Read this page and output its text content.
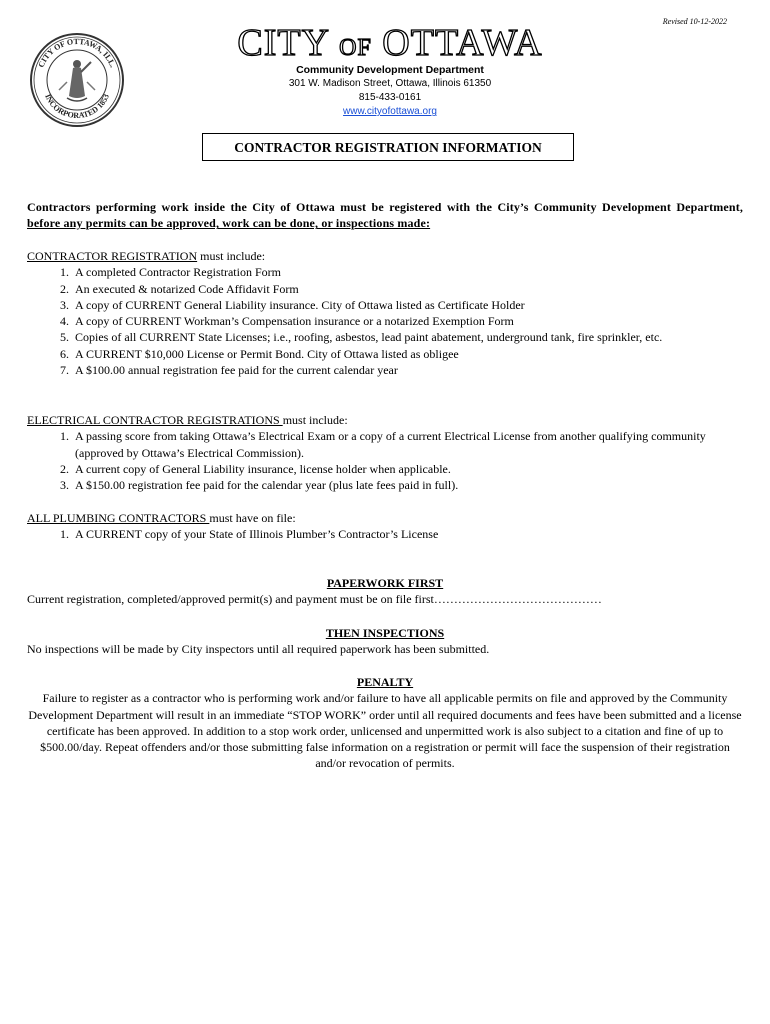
Revised 10-12-2022
CITY OF OTTAWA, ILL.
INCORPORATED 1853
CITY OF OTTAWA
Community Development Department
301 W. Madison Street, Ottawa, Illinois 61350
815-433-0161
www.cityofottawa.org
CONTRACTOR REGISTRATION INFORMATION
Contractors performing work inside the City of Ottawa must be registered with the City’s Community Development Department, before any permits can be approved, work can be done, or inspections made:
CONTRACTOR REGISTRATION must include:
1. A completed Contractor Registration Form
2. An executed & notarized Code Affidavit Form
3. A copy of CURRENT General Liability insurance. City of Ottawa listed as Certificate Holder
4. A copy of CURRENT Workman’s Compensation insurance or a notarized Exemption Form
5. Copies of all CURRENT State Licenses; i.e., roofing, asbestos, lead paint abatement, underground tank, fire sprinkler, etc.
6. A CURRENT $10,000 License or Permit Bond. City of Ottawa listed as obligee
7. A $100.00 annual registration fee paid for the current calendar year
ELECTRICAL CONTRACTOR REGISTRATIONS must include:
1. A passing score from taking Ottawa’s Electrical Exam or a copy of a current Electrical License from another qualifying community (approved by Ottawa’s Electrical Commission).
2. A current copy of General Liability insurance, license holder when applicable.
3. A $150.00 registration fee paid for the calendar year (plus late fees paid in full).
ALL PLUMBING CONTRACTORS must have on file:
1. A CURRENT copy of your State of Illinois Plumber’s Contractor’s License
PAPERWORK FIRST
Current registration, completed/approved permit(s) and payment must be on file first……………………………………
THEN INSPECTIONS
No inspections will be made by City inspectors until all required paperwork has been submitted.
PENALTY
Failure to register as a contractor who is performing work and/or failure to have all applicable permits on file and approved by the Community Development Department will result in an immediate “STOP WORK” order until all required documents and fees have been submitted and a license certificate has been approved. In addition to a stop work order, unlicensed and unpermitted work is also subject to a citation and fine of up to $500.00/day. Repeat offenders and/or those submitting false information on a registration or permit will face the suspension of their registration and/or revocation of permits.
